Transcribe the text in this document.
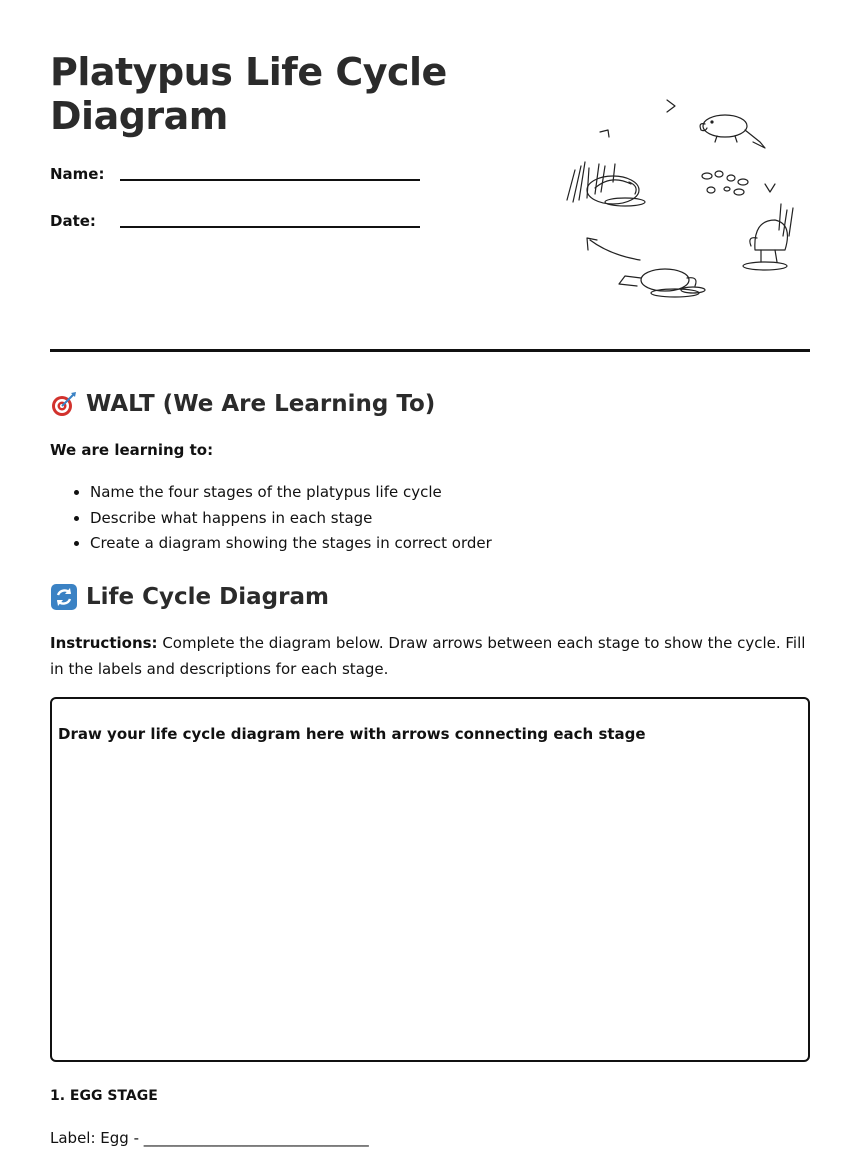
Platypus Life Cycle Diagram
Name:
Date:
WALT (We Are Learning To)
We are learning to:
• Name the four stages of the platypus life cycle
• Describe what happens in each stage
• Create a diagram showing the stages in correct order
Life Cycle Diagram

Instructions: Complete the diagram below. Draw arrows between each stage to show the cycle. Fill in the labels and descriptions for each stage.

Draw your life cycle diagram here with arrows connecting each stage
1. EGG STAGE
Label: Egg - ______________________________
